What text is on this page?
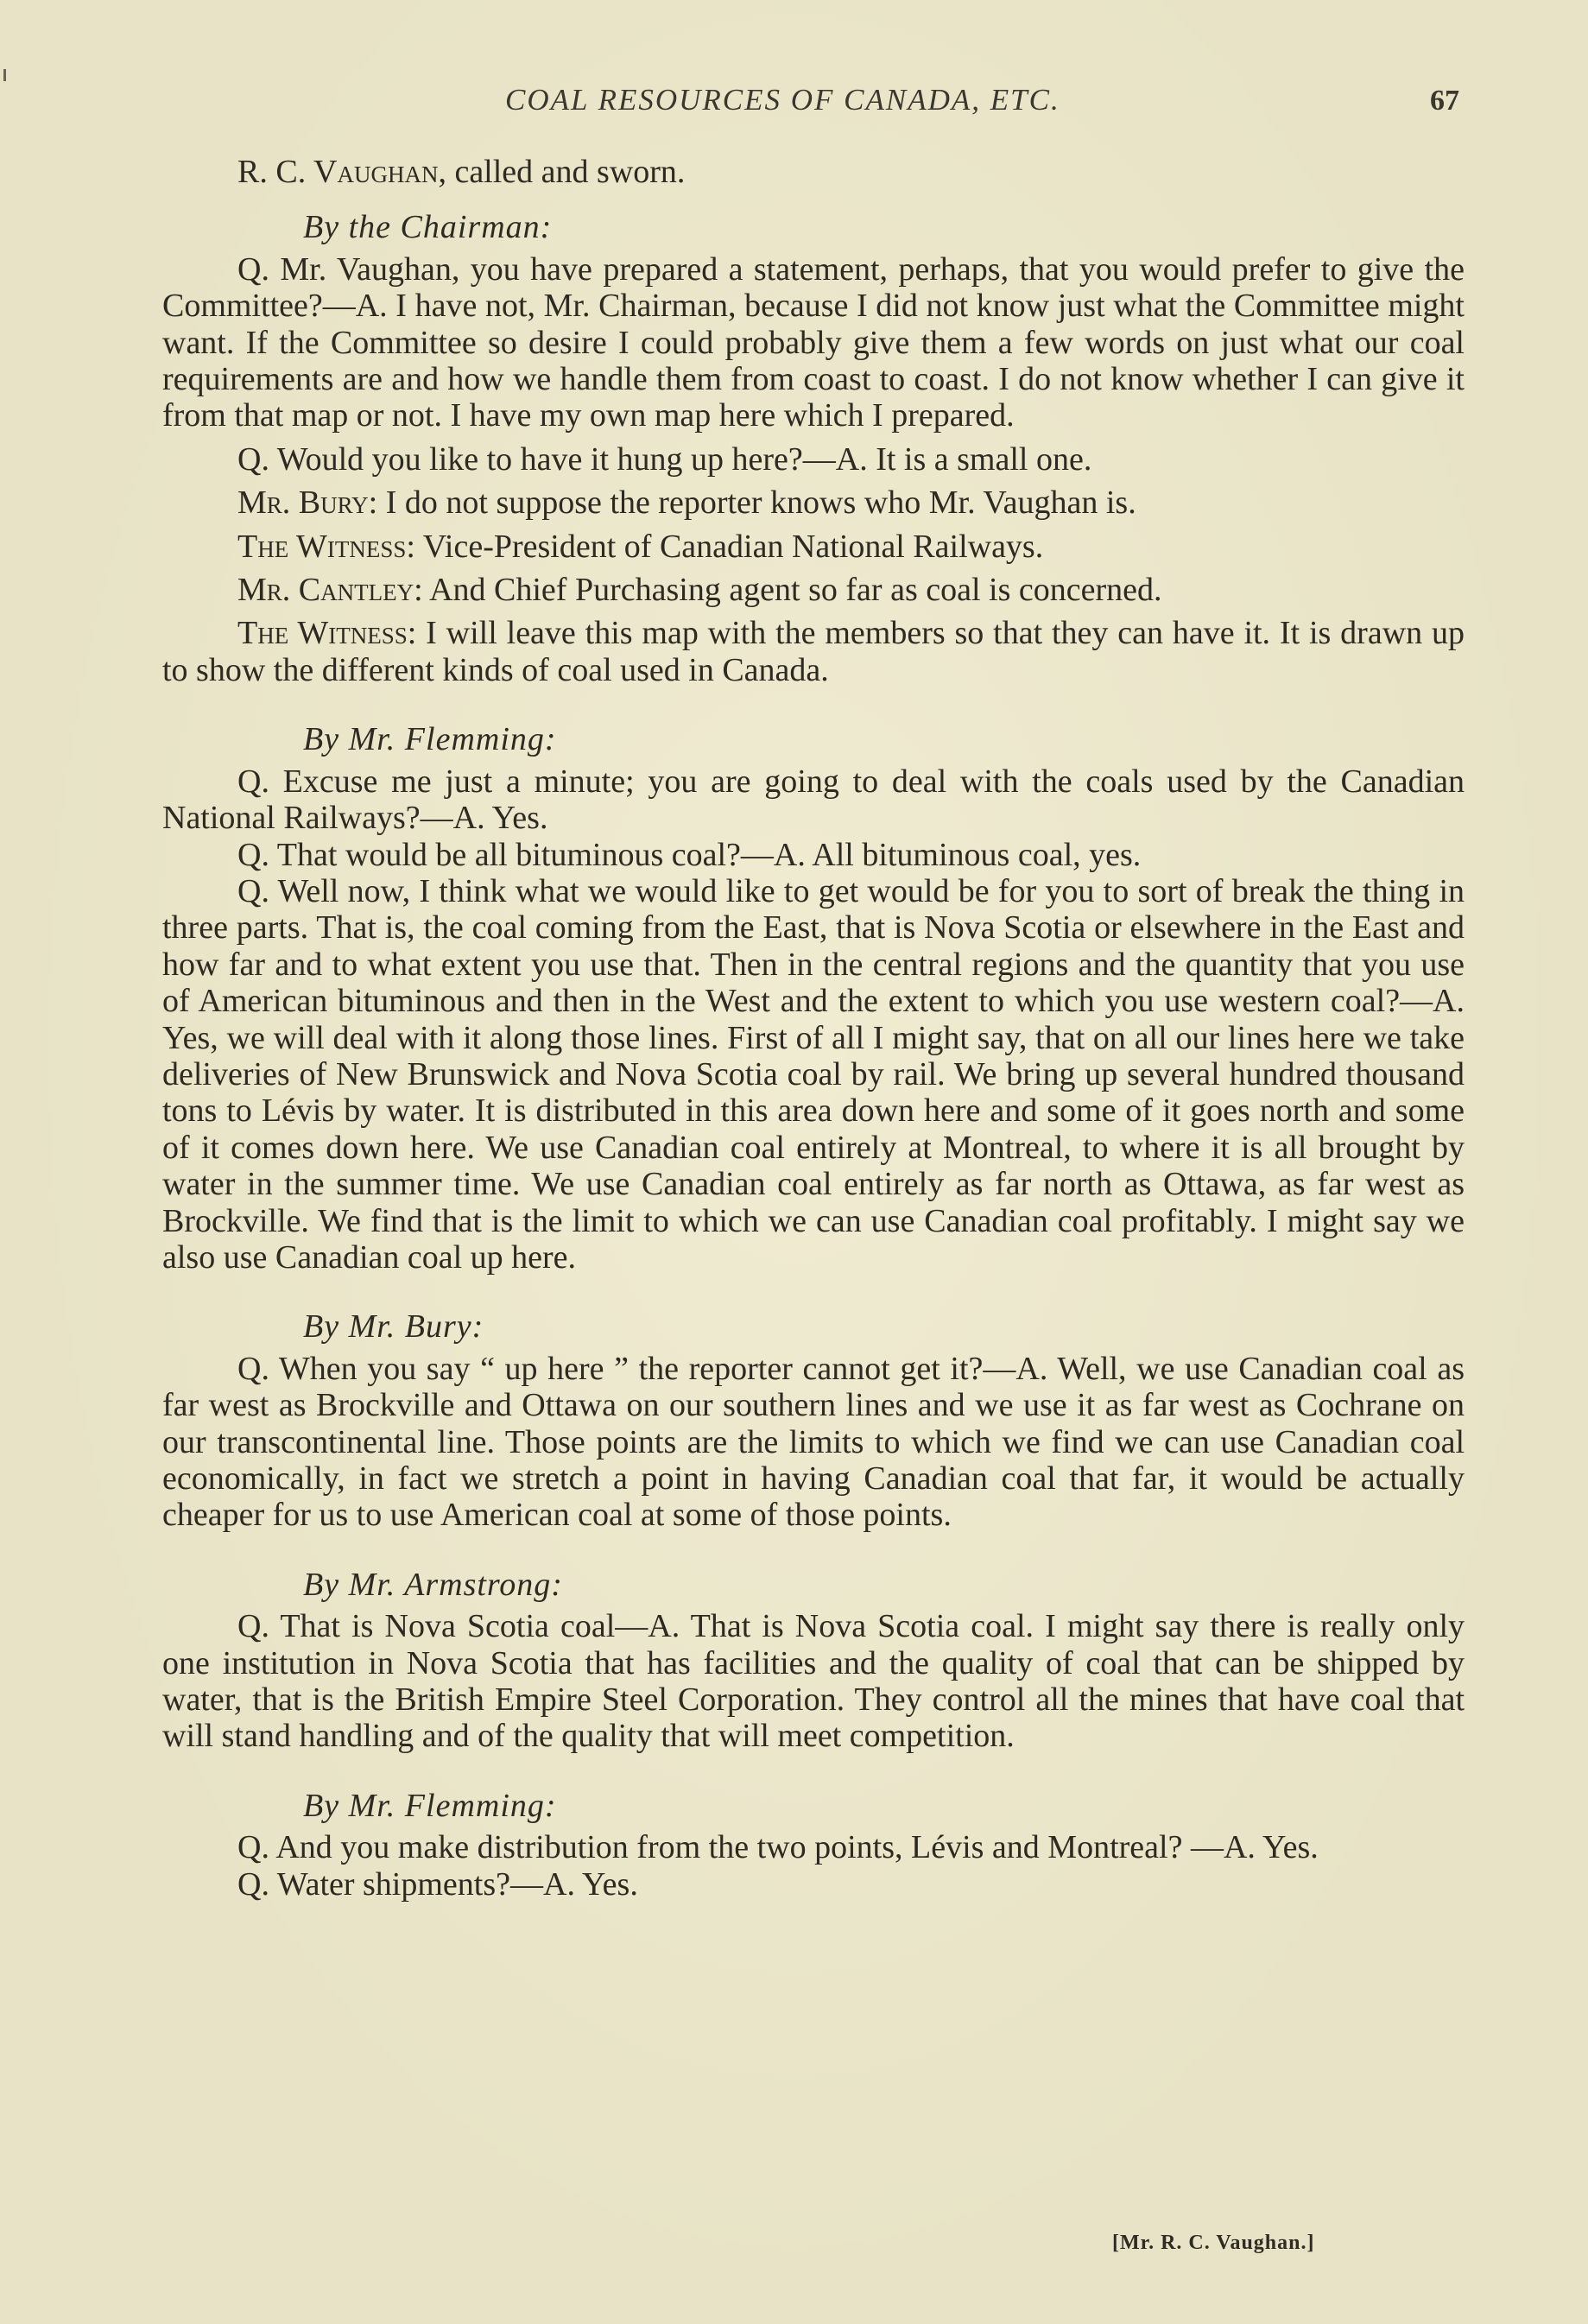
COAL RESOURCES OF CANADA, ETC.	67

R. C. Vaughan, called and sworn.

By the Chairman:

Q. Mr. Vaughan, you have prepared a statement, perhaps, that you would prefer to give the Committee?—A. I have not, Mr. Chairman, because I did not know just what the Committee might want. If the Committee so desire I could probably give them a few words on just what our coal requirements are and how we handle them from coast to coast. I do not know whether I can give it from that map or not. I have my own map here which I prepared.

Q. Would you like to have it hung up here?—A. It is a small one.

Mr. Bury: I do not suppose the reporter knows who Mr. Vaughan is.

The Witness: Vice-President of Canadian National Railways.

Mr. Cantley: And Chief Purchasing agent so far as coal is concerned.

The Witness: I will leave this map with the members so that they can have it. It is drawn up to show the different kinds of coal used in Canada.

By Mr. Flemming:

Q. Excuse me just a minute; you are going to deal with the coals used by the Canadian National Railways?—A. Yes.

Q. That would be all bituminous coal?—A. All bituminous coal, yes.

Q. Well now, I think what we would like to get would be for you to sort of break the thing in three parts. That is, the coal coming from the East, that is Nova Scotia or elsewhere in the East and how far and to what extent you use that. Then in the central regions and the quantity that you use of American bituminous and then in the West and the extent to which you use western coal?—A. Yes, we will deal with it along those lines. First of all I might say, that on all our lines here we take deliveries of New Brunswick and Nova Scotia coal by rail. We bring up several hundred thousand tons to Lévis by water. It is distributed in this area down here and some of it goes north and some of it comes down here. We use Canadian coal entirely at Montreal, to where it is all brought by water in the summer time. We use Canadian coal entirely as far north as Ottawa, as far west as Brockville. We find that is the limit to which we can use Canadian coal profitably. I might say we also use Canadian coal up here.

By Mr. Bury:

Q. When you say “ up here ” the reporter cannot get it?—A. Well, we use Canadian coal as far west as Brockville and Ottawa on our southern lines and we use it as far west as Cochrane on our transcontinental line. Those points are the limits to which we find we can use Canadian coal economically, in fact we stretch a point in having Canadian coal that far, it would be actually cheaper for us to use American coal at some of those points.

By Mr. Armstrong:

Q. That is Nova Scotia coal—A. That is Nova Scotia coal. I might say there is really only one institution in Nova Scotia that has facilities and the quality of coal that can be shipped by water, that is the British Empire Steel Corporation. They control all the mines that have coal that will stand handling and of the quality that will meet competition.

By Mr. Flemming:

Q. And you make distribution from the two points, Lévis and Montreal? —A. Yes.

Q. Water shipments?—A. Yes.

[Mr. R. C. Vaughan.]
